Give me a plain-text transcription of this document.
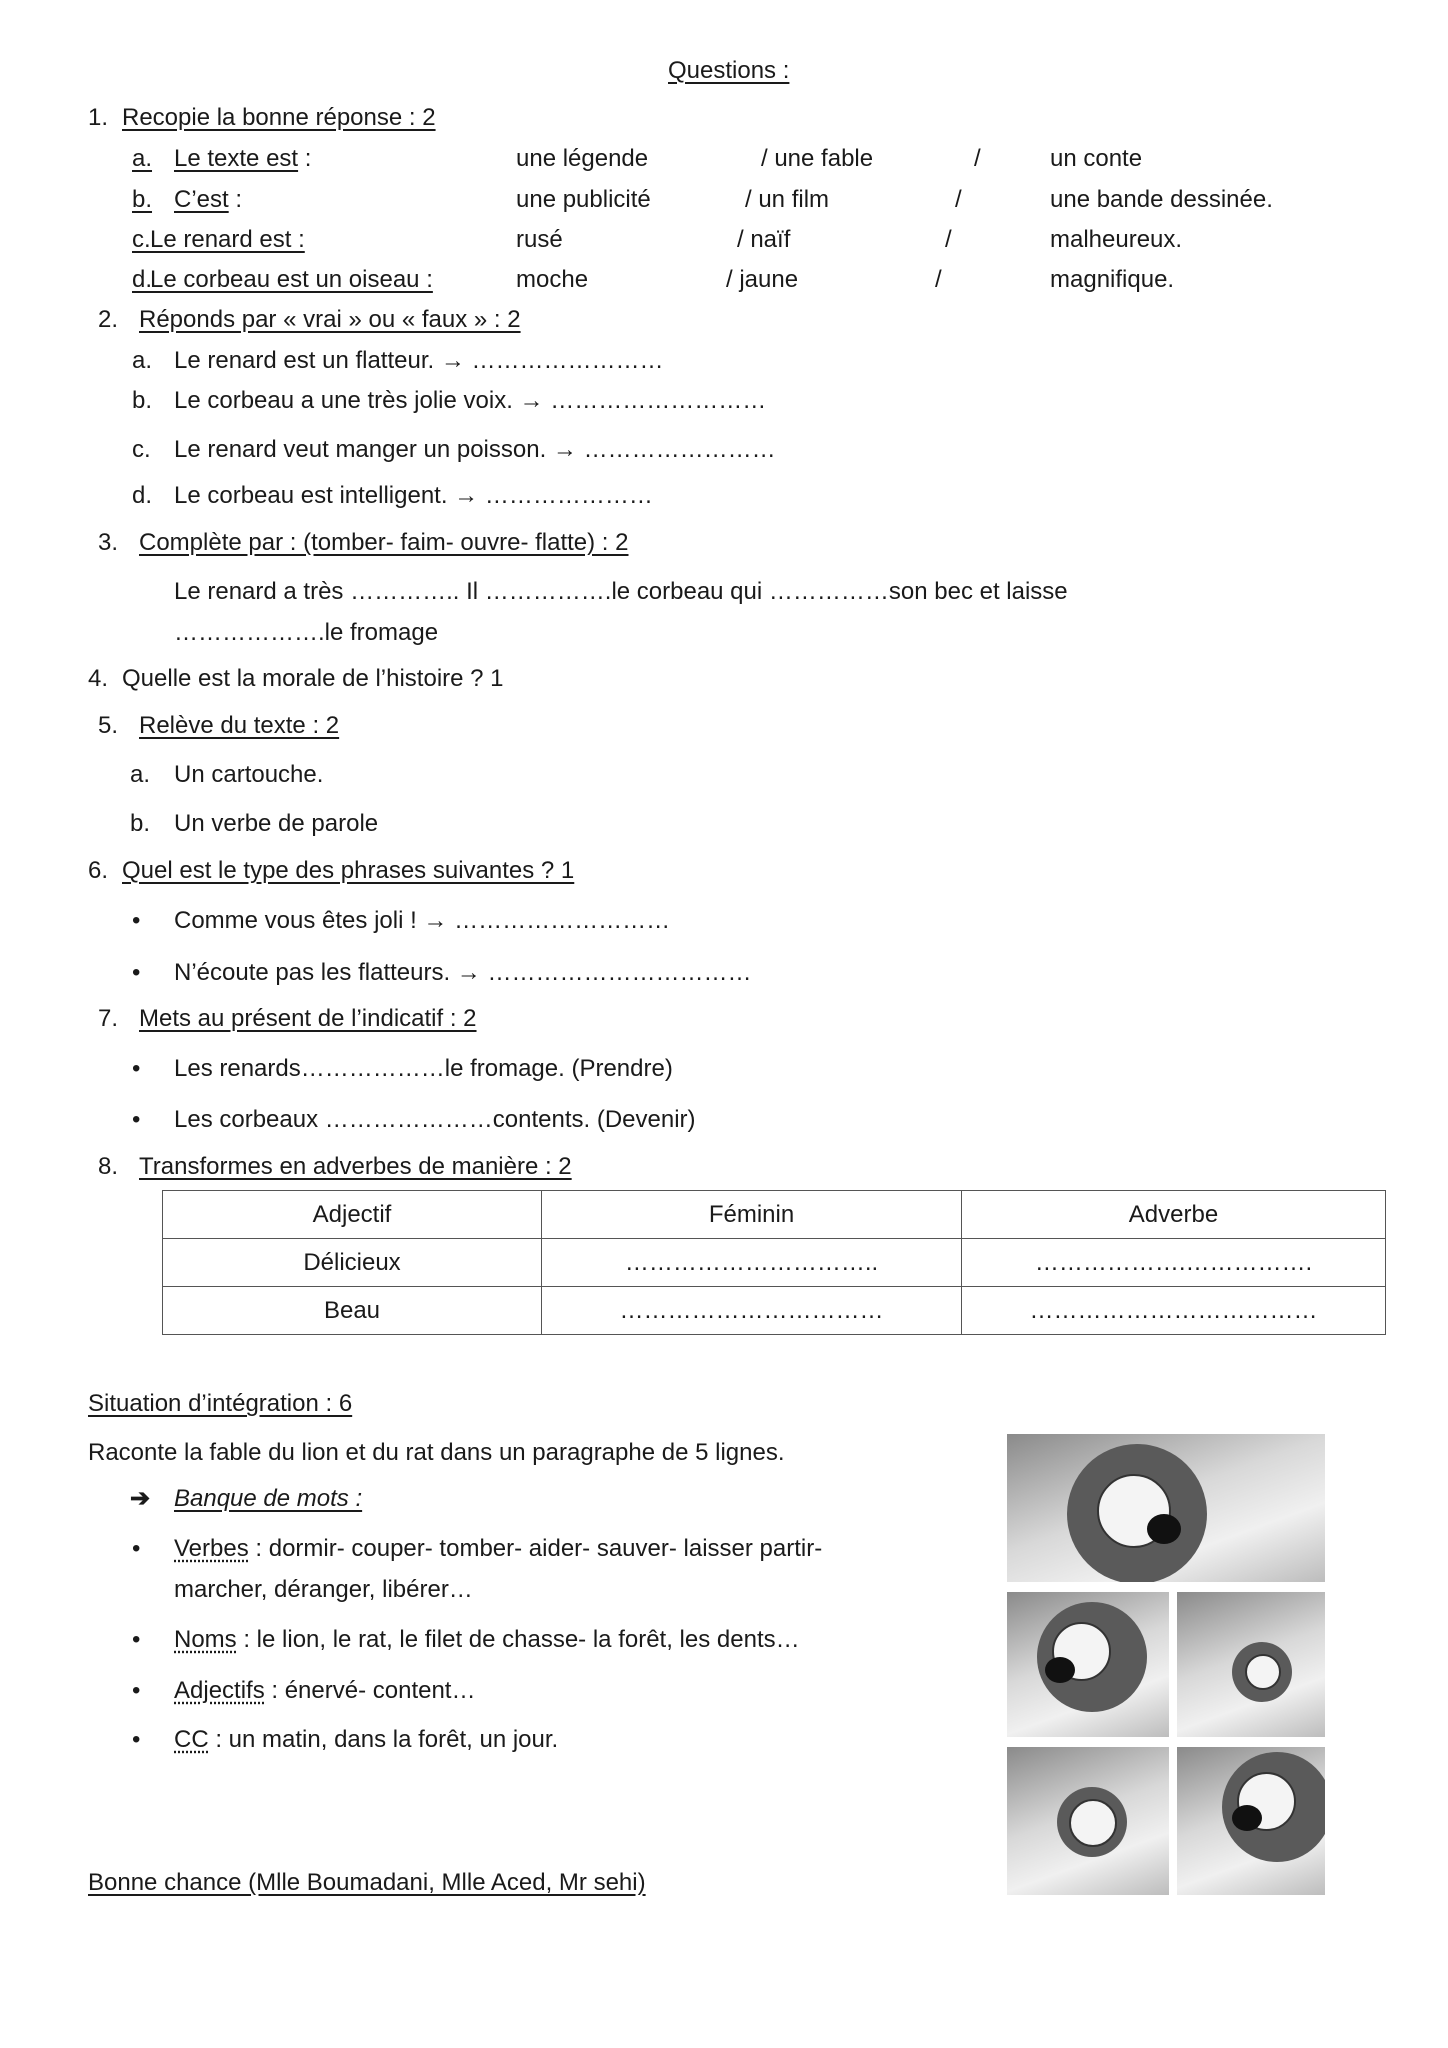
Questions :
1. Recopie la bonne réponse : 2
a. Le texte est :	une légende	/ une fable	/	un conte
b. C’est :	une publicité	/ un film	/	une bande dessinée.
c. Le renard est :	rusé	/ naïf	/	malheureux.
d.
Le corbeau est un oiseau :	moche	/ jaune	/	magnifique.
2. Réponds par « vrai » ou « faux » : 2
a. Le renard est un flatteur. → ……………………
b. Le corbeau a une très jolie voix. → ………………………
c. Le renard veut manger un poisson. → ……………………
d. Le corbeau est intelligent. → …………………
3. Complète par : (tomber- faim- ouvre- flatte) : 2
Le renard a très ………….. Il …………….le corbeau qui ……………son bec et laisse
……………….le fromage
4. Quelle est la morale de l’histoire ? 1
5. Relève du texte : 2
a. Un cartouche.
b. Un verbe de parole
6. Quel est le type des phrases suivantes ? 1
• Comme vous êtes joli ! → ………………………
• N’écoute pas les flatteurs. → ……………………………
7. Mets au présent de l’indicatif : 2
• Les renards………………le fromage. (Prendre)
• Les corbeaux …………………contents. (Devenir)
8. Transformes en adverbes de manière : 2
Adjectif	Féminin	Adverbe
Délicieux	…………………………..	……………….…………….
Beau	……………………………	………………………………
Situation d’intégration : 6
Raconte la fable du lion et du rat dans un paragraphe de 5 lignes.
➔ Banque de mots :
• Verbes : dormir- couper- tomber- aider- sauver- laisser partir-
marcher, déranger, libérer…
• Noms : le lion, le rat, le filet de chasse- la forêt, les dents…
• Adjectifs : énervé- content…
• CC : un matin, dans la forêt, un jour.
Bonne chance (Mlle Boumadani, Mlle Aced, Mr sehi)
